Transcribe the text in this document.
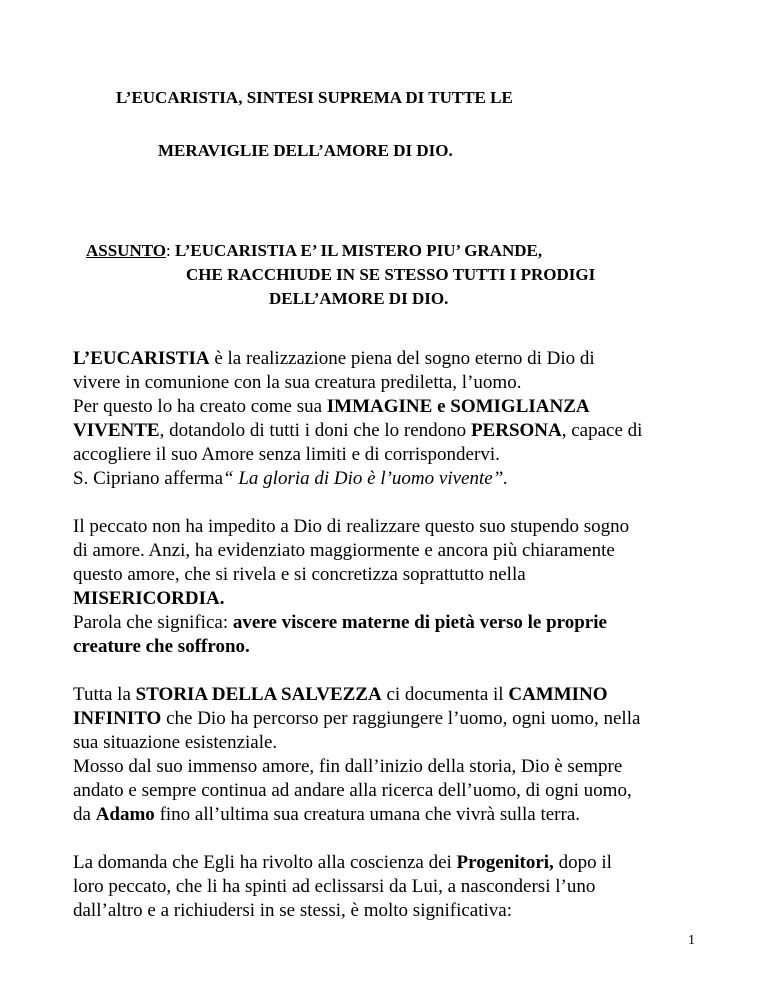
L’EUCARISTIA, SINTESI SUPREMA DI TUTTE LE
MERAVIGLIE DELL’AMORE DI DIO.
ASSUNTO: L’EUCARISTIA E’ IL MISTERO PIU’ GRANDE,
CHE RACCHIUDE IN SE STESSO TUTTI I PRODIGI
DELL’AMORE DI DIO.
L’EUCARISTIA è la realizzazione piena del sogno eterno di Dio di
vivere in comunione con la sua creatura prediletta, l’uomo.
Per questo lo ha creato come sua IMMAGINE e SOMIGLIANZA
VIVENTE, dotandolo di tutti i doni che lo rendono PERSONA, capace di
accogliere il suo Amore senza limiti e di corrispondervi.
S. Cipriano afferma“ La gloria di Dio è l’uomo vivente”.
Il peccato non ha impedito a Dio di realizzare questo suo stupendo sogno
di amore. Anzi, ha evidenziato maggiormente e ancora più chiaramente
questo amore, che si rivela e si concretizza soprattutto nella
MISERICORDIA.
Parola che significa: avere viscere materne di pietà verso le proprie
creature che soffrono.
Tutta la STORIA DELLA SALVEZZA ci documenta il CAMMINO
INFINITO che Dio ha percorso per raggiungere l’uomo, ogni uomo, nella
sua situazione esistenziale.
Mosso dal suo immenso amore, fin dall’inizio della storia, Dio è sempre
andato e sempre continua ad andare alla ricerca dell’uomo, di ogni uomo,
da Adamo fino all’ultima sua creatura umana che vivrà sulla terra.
La domanda che Egli ha rivolto alla coscienza dei Progenitori, dopo il
loro peccato, che li ha spinti ad eclissarsi da Lui, a nascondersi l’uno
dall’altro e a richiudersi in se stessi, è molto significativa:
1
